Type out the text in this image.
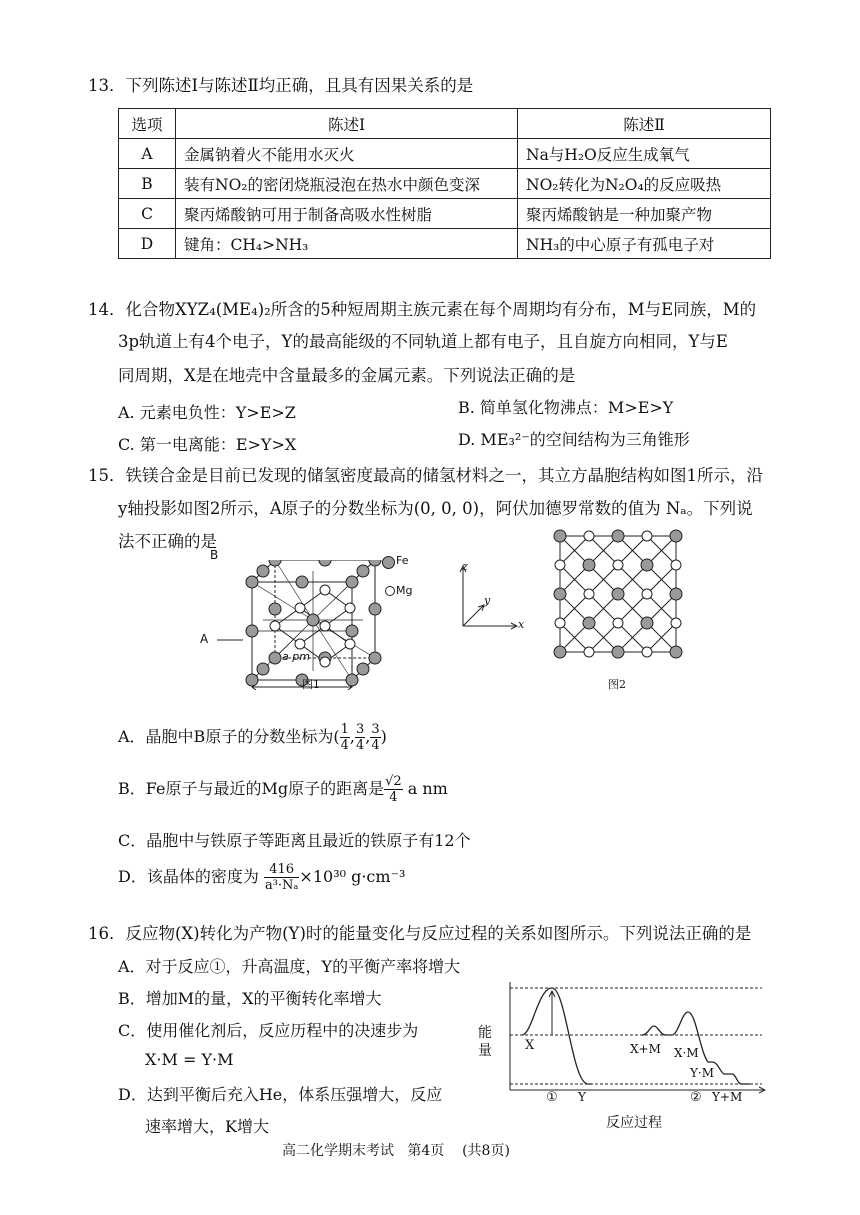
13．下列陈述Ⅰ与陈述Ⅱ均正确，且具有因果关系的是
选项	陈述Ⅰ	陈述Ⅱ
A	金属钠着火不能用水灭火	Na与H₂O反应生成氧气
B	装有NO₂的密闭烧瓶浸泡在热水中颜色变深	NO₂转化为N₂O₄的反应吸热
C	聚丙烯酸钠可用于制备高吸水性树脂	聚丙烯酸钠是一种加聚产物
D	键角：CH₄>NH₃	NH₃的中心原子有孤电子对
14．化合物XYZ₄(ME₄)₂所含的5种短周期主族元素在每个周期均有分布，M与E同族，M的
3p轨道上有4个电子，Y的最高能级的不同轨道上都有电子，且自旋方向相同，Y与E
同周期，X是在地壳中含量最多的金属元素。下列说法正确的是
A. 元素电负性：Y>E>Z	B. 简单氢化物沸点：M>E>Y
C. 第一电离能：E>Y>X	D. ME₃²⁻的空间结构为三角锥形
15．铁镁合金是目前已发现的储氢密度最高的储氢材料之一，其立方晶胞结构如图1所示，沿
y轴投影如图2所示，A原子的分数坐标为(0, 0, 0)，阿伏加德罗常数的值为 Nₐ。下列说
法不正确的是
B
A
Fe
Mg
a pm
图1
z
y
x
图2
A．晶胞中B原子的分数坐标为( $\frac{1}{4}$ , $\frac{3}{4}$ , $\frac{3}{4}$ )
B．Fe原子与最近的Mg原子的距离是 $\frac{√2}{4}$ a nm
C．晶胞中与铁原子等距离且最近的铁原子有12个
D．该晶体的密度为 $\frac{416}{\text{a³·Nₐ}} \times 10^{30}$ g·cm⁻³
16．反应物(X)转化为产物(Y)时的能量变化与反应过程的关系如图所示。下列说法正确的是
A．对于反应①，升高温度，Y的平衡产率将增大
B．增加M的量，X的平衡转化率增大
C．使用催化剂后，反应历程中的决速步为
X·M = Y·M
D．达到平衡后充入He，体系压强增大，反应
速率增大，K增大
能
量	X	X+M X·M
Y·M
① Y	② Y+M
反应过程
高二化学期末考试 第4页 (共8页)
